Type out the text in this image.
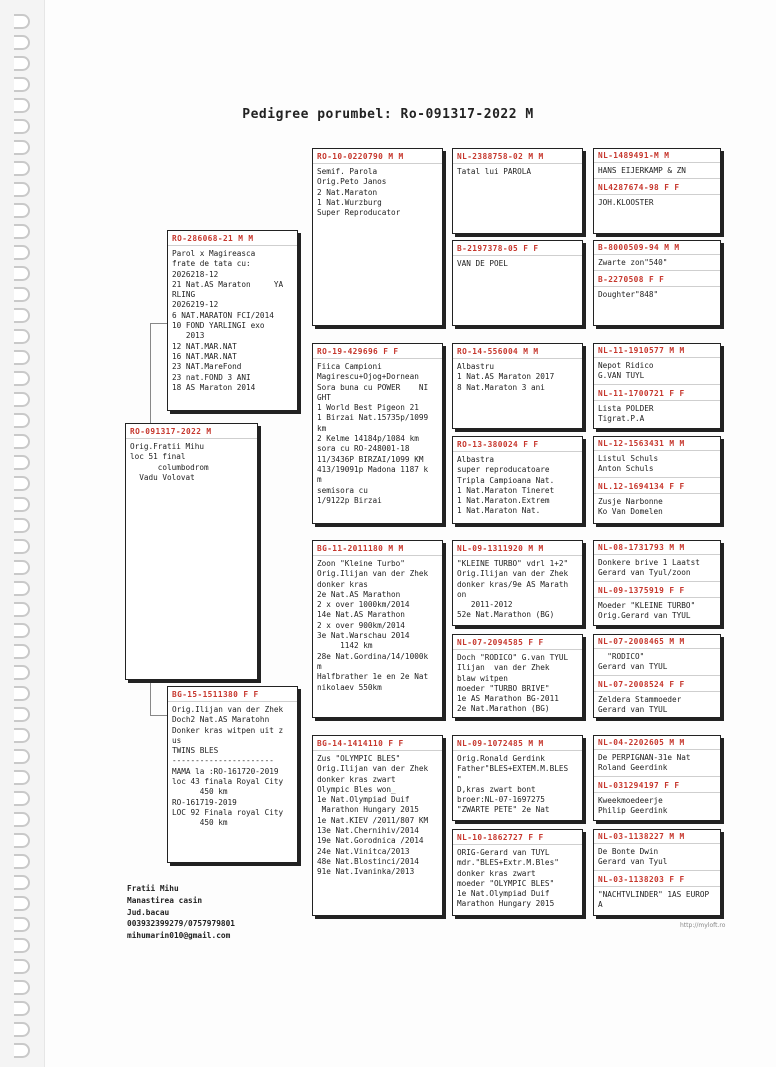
Pedigree porumbel: Ro-091317-2022 M
RO-091317-2022 M
Orig.Fratii Mihu
loc 51 final
columbodrom
Vadu Volovat
RO-286068-21 M M
Parol x Magireasca
frate de tata cu:
2026218-12
21 Nat.AS Maraton     YA
RLING
2026219-12
6 NAT.MARATON FCI/2014
10 FOND YARLINGI exo
2013
12 NAT.MAR.NAT
16 NAT.MAR.NAT
23 NAT.MareFond
23 nat.FOND 3 ANI
18 AS Maraton 2014
BG-15-1511380 F F
Orig.Ilijan van der Zhek
Doch2 Nat.AS Maratohn
Donker kras witpen uit z
us
TWINS BLES
----------------------
MAMA la :RO-161720-2019
loc 43 finala Royal City
450 km
RO-161719-2019
LOC 92 Finala royal City
450 km
RO-10-0220790 M M
Semif. Parola
Orig.Peto Janos
2 Nat.Maraton
1 Nat.Wurzburg
Super Reproducator
RO-19-429696 F F
Fiica Campioni
Magirescu+Ojog+Dornean
Sora buna cu POWER    NI
GHT
1 World Best Pigeon 21
1 Birzai Nat.15735p/1099
km
2 Kelme 14184p/1084 km
sora cu RO-248001-18
11/3436P BIRZAI/1099 KM
413/19091p Madona 1187 k
m
semisora cu
1/9122p Birzai
BG-11-2011180 M M
Zoon "Kleine Turbo"
Orig.Ilijan van der Zhek
donker kras
2e Nat.AS Marathon
2 x over 1000km/2014
14e Nat.AS Marathon
2 x over 900km/2014
3e Nat.Warschau 2014
1142 km
28e Nat.Gordina/14/1000k
m
Halfbrather 1e en 2e Nat
nikolaev 550km
BG-14-1414110 F F
Zus "OLYMPIC BLES"
Orig.Ilijan van der Zhek
donker kras zwart
Olympic Bles won_
1e Nat.Olympiad Duif
Marathon Hungary 2015
1e Nat.KIEV /2011/807 KM
13e Nat.Chernihiv/2014
19e Nat.Gorodnica /2014
24e Nat.Vinitca/2013
48e Nat.Blostinci/2014
91e Nat.Ivaninka/2013
NL-2388758-02 M M
Tatal lui PAROLA
B-2197378-05 F F
VAN DE POEL
RO-14-556004 M M
Albastru
1 Nat.AS Maraton 2017
8 Nat.Maraton 3 ani
RO-13-380024 F F
Albastra
super reproducatoare
Tripla Campioana Nat.
1 Nat.Maraton Tineret
1 Nat.Maraton.Extrem
1 Nat.Maraton Nat.
NL-09-1311920 M M
"KLEINE TURBO" vdrl 1+2"
Orig.Ilijan van der Zhek
donker kras/9e AS Marath
on
2011-2012
52e Nat.Marathon (BG)
NL-07-2094585 F F
Doch "RODICO" G.van TYUL
Ilijan  van der Zhek
blaw witpen
moeder "TURBO BRIVE"
1e AS Marathon BG-2011
2e Nat.Marathon (BG)
NL-09-1072485 M M
Orig.Ronald Gerdink
Father"BLES+EXTEM.M.BLES
"
D,kras zwart bont
broer:NL-07-1697275
"ZWARTE PETE" 2e Nat
NL-10-1862727 F F
ORIG-Gerard van TUYL
mdr."BLES+Extr.M.Bles"
donker kras zwart
moeder "OLYMPIC BLES"
1e Nat.Olympiad Duif
Marathon Hungary 2015
NL-1489491-M M
HANS EIJERKAMP & ZN
NL4287674-98 F F
JOH.KLOOSTER
B-8000509-94 M M
Zwarte zon"540"
B-2270508 F F
Doughter"848"
NL-11-1910577 M M
Nepot Ridico
G.VAN TUYL
NL-11-1700721 F F
Lista POLDER
Tigrat.P.A
NL-12-1563431 M M
Listul Schuls
Anton Schuls
NL.12-1694134 F F
Zusje Narbonne
Ko Van Domelen
NL-08-1731793 M M
Donkere brive 1 Laatst
Gerard van Tyul/zoon
NL-09-1375919 F F
Moeder "KLEINE TURBO"
Orig.Gerard van TYUL
NL-07-2008465 M M
"RODICO"
Gerard van TYUL
NL-07-2008524 F F
Zeldera Stammoeder
Gerard van TYUL
NL-04-2202605 M M
De PERPIGNAN-31e Nat
Roland Geerdink
NL-031294197 F F
Kweekmoedeerje
Philip Geerdink
NL-03-1138227 M M
De Bonte Dwin
Gerard van Tyul
NL-03-1138203 F F
"NACHTVLINDER" 1AS EUROP
A
Fratii Mihu
Manastirea casin
Jud.bacau
003932399279/0757979801
mihumarin010@gmail.com
http://myloft.ro
